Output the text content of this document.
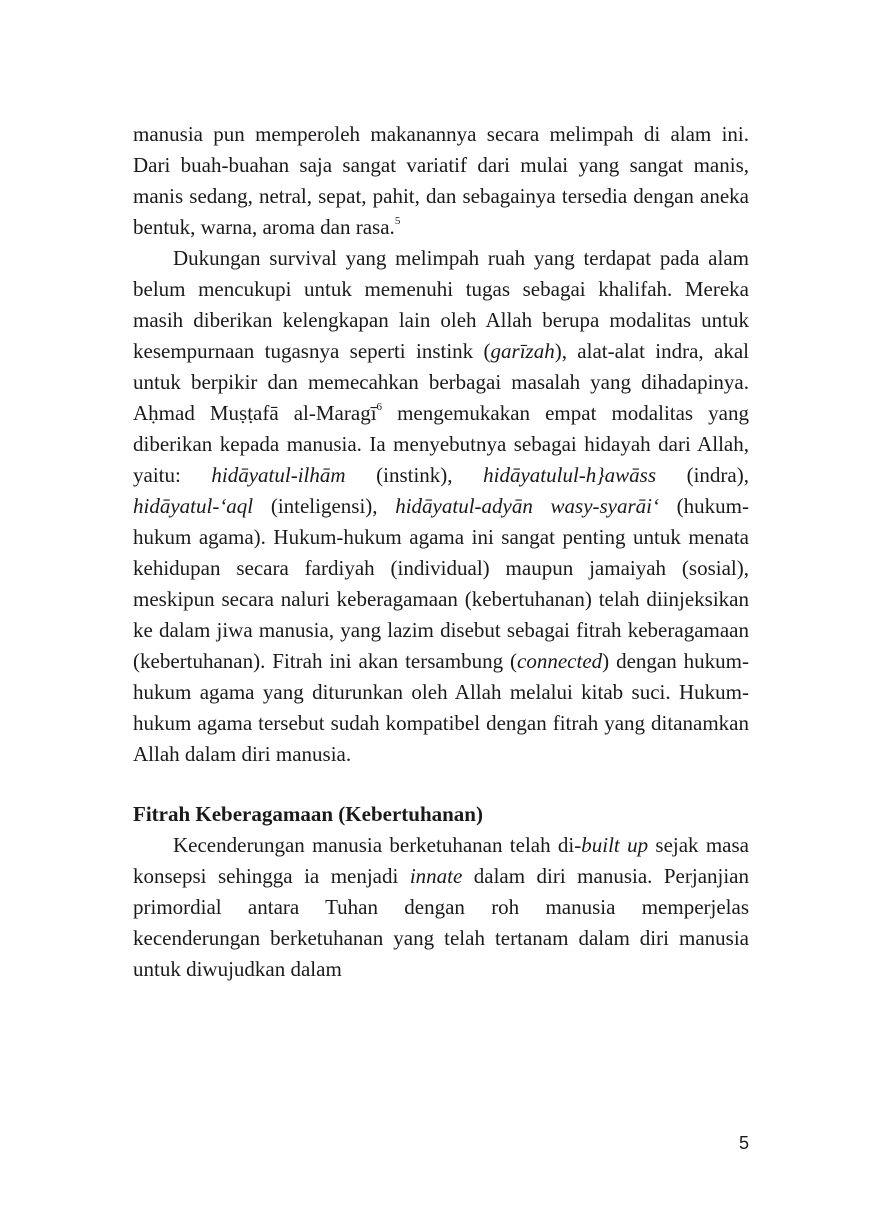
manusia pun memperoleh makanannya secara melimpah di alam ini. Dari buah-buahan saja sangat variatif dari mulai yang sangat manis, manis sedang, netral, sepat, pahit, dan sebagainya tersedia dengan aneka bentuk, warna, aroma dan rasa.$^5$

Dukungan survival yang melimpah ruah yang terdapat pada alam belum mencukupi untuk memenuhi tugas sebagai khalifah. Mereka masih diberikan kelengkapan lain oleh Allah berupa modalitas untuk kesempurnaan tugasnya seperti instink (garīzah), alat-alat indra, akal untuk berpikir dan memecahkan berbagai masalah yang dihadapinya. Aḥmad Muṣṭafā al-Maragī$^6$ mengemukakan empat modalitas yang diberikan kepada manusia. Ia menyebutnya sebagai hidayah dari Allah, yaitu: hidāyatul-ilhām (instink), hidāyatulul-h}awāss (indra), hidāyatul-‘aql (inteligensi), hidāyatul-adyān wasy-syarāi‘ (hukum-hukum agama). Hukum-hukum agama ini sangat penting untuk menata kehidupan secara fardiyah (individual) maupun jamaiyah (sosial), meskipun secara naluri keberagamaan (kebertuhanan) telah diinjeksikan ke dalam jiwa manusia, yang lazim disebut sebagai fitrah keberagamaan (kebertuhanan). Fitrah ini akan tersambung (connected) dengan hukum-hukum agama yang diturunkan oleh Allah melalui kitab suci. Hukum-hukum agama tersebut sudah kompatibel dengan fitrah yang ditanamkan Allah dalam diri manusia.

Fitrah Keberagamaan (Kebertuhanan)

Kecenderungan manusia berketuhanan telah di-built up sejak masa konsepsi sehingga ia menjadi innate dalam diri manusia. Perjanjian primordial antara Tuhan dengan roh manusia memperjelas kecenderungan berketuhanan yang telah tertanam dalam diri manusia untuk diwujudkan dalam

5
